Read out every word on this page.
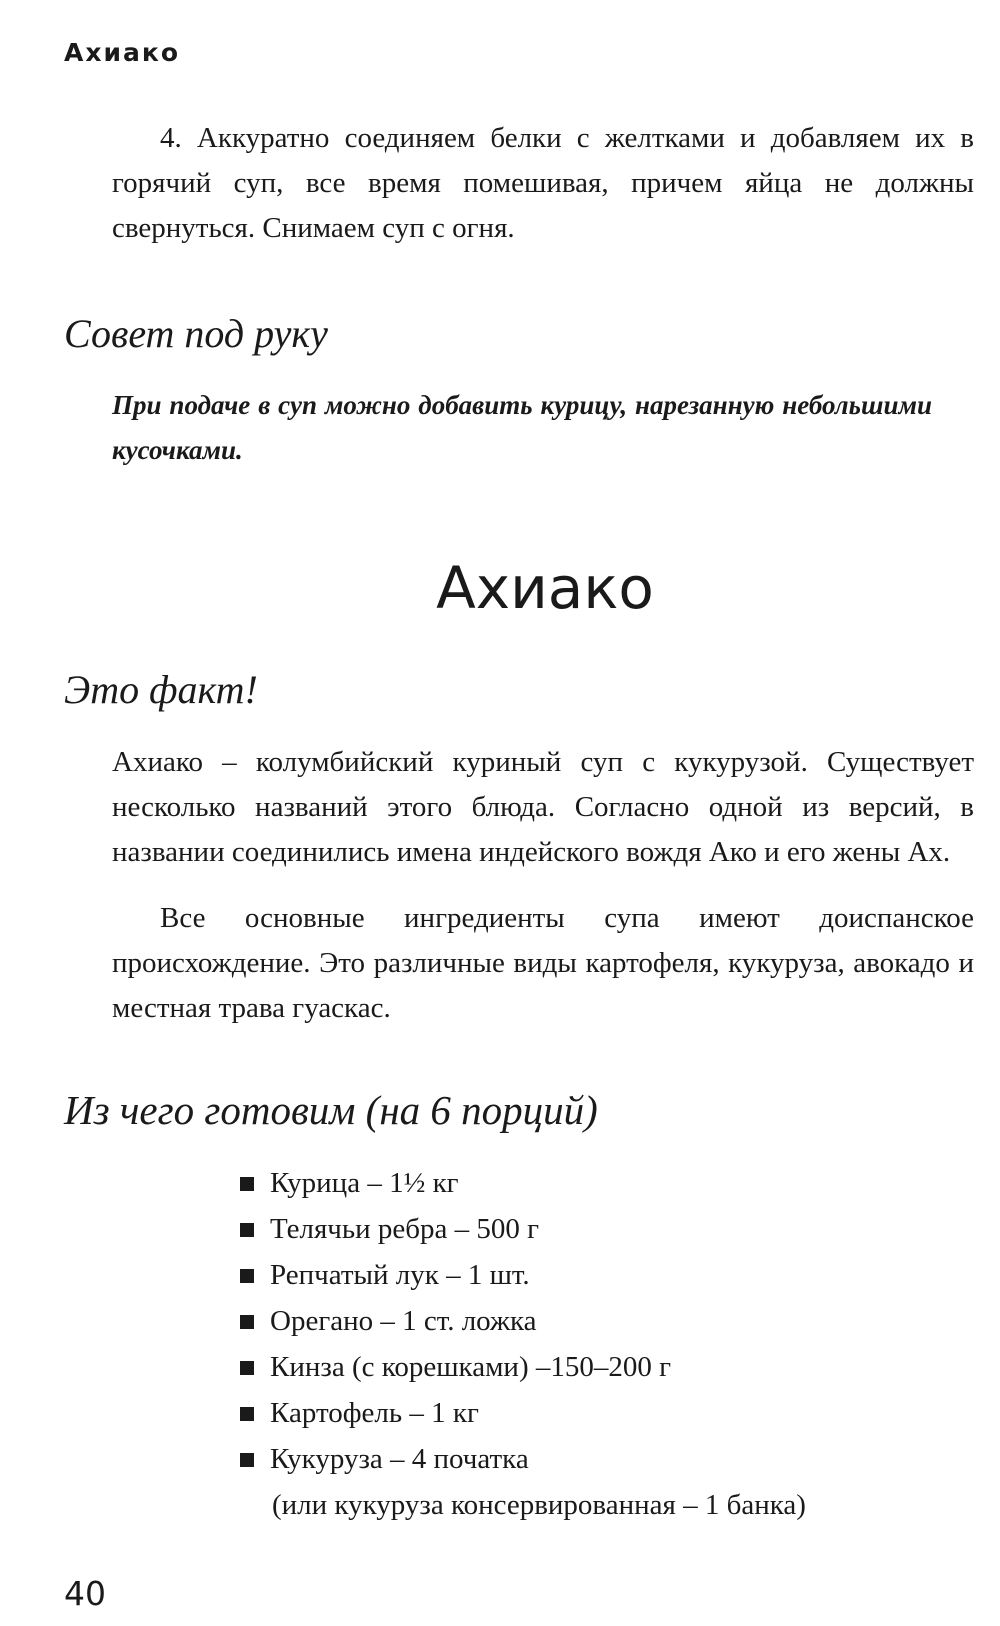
Ахиако
4. Аккуратно соединяем белки с желтками и добавляем их в горячий суп, все время помешивая, причем яйца не должны свернуться. Снимаем суп с огня.
Совет под руку
При подаче в суп можно добавить курицу, нарезанную небольшими кусочками.
Ахиако
Это факт!
Ахиако – колумбийский куриный суп с кукурузой. Существует несколько названий этого блюда. Согласно одной из версий, в названии соединились имена индейского вождя Ако и его жены Ах.
Все основные ингредиенты супа имеют доиспанское происхождение. Это различные виды картофеля, кукуруза, авокадо и местная трава гуаскас.
Из чего готовим (на 6 порций)
Курица – 1½ кг
Телячьи ребра – 500 г
Репчатый лук – 1 шт.
Орегано – 1 ст. ложка
Кинза (с корешками) –150–200 г
Картофель – 1 кг
Кукуруза – 4 початка
(или кукуруза консервированная – 1 банка)
40
